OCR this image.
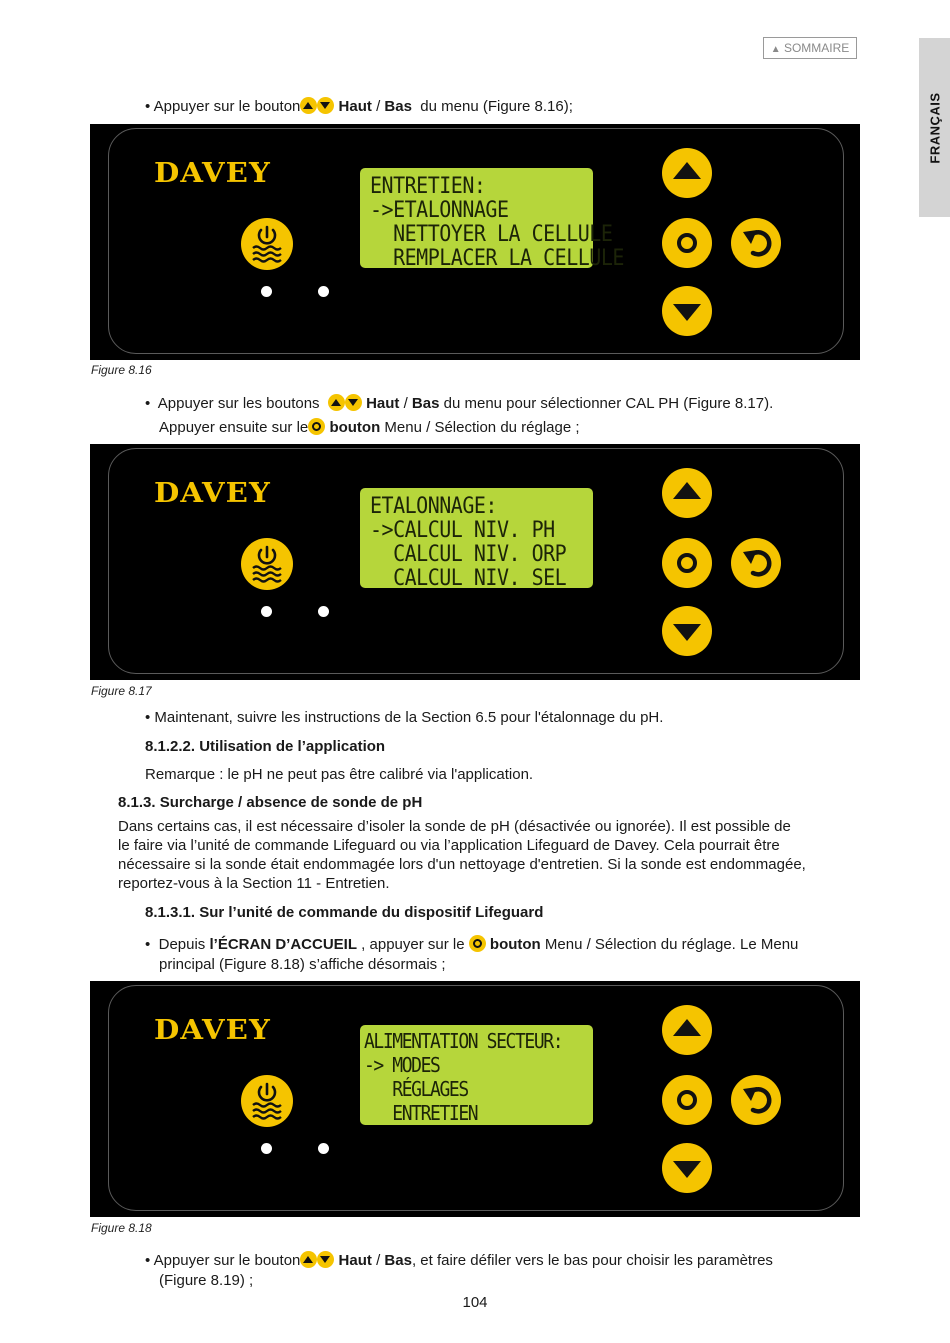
▲ SOMMAIRE
FRANÇAIS
• Appuyer sur le bouton	Haut / Bas du menu (Figure 8.16);
DAVEY	ENTRETIEN:
->ETALONNAGE
NETTOYER LA CELLULE
REMPLACER LA CELLULE
Figure 8.16
• Appuyer sur les boutons	Haut / Bas du menu pour sélectionner CAL PH (Figure 8.17).
Appuyer ensuite sur le bouton Menu / Sélection du réglage ;
DAVEY	ETALONNAGE:
->CALCUL NIV. PH
CALCUL NIV. ORP
CALCUL NIV. SEL
Figure 8.17
• Maintenant, suivre les instructions de la Section 6.5 pour l'étalonnage du pH.
8.1.2.2. Utilisation de l’application
Remarque : le pH ne peut pas être calibré via l'application.
8.1.3. Surcharge / absence de sonde de pH
Dans certains cas, il est nécessaire d’isoler la sonde de pH (désactivée ou ignorée). Il est possible de
le faire via l’unité de commande Lifeguard ou via l’application Lifeguard de Davey. Cela pourrait être
nécessaire si la sonde était endommagée lors d'un nettoyage d'entretien. Si la sonde est endommagée,
reportez-vous à la Section 11 - Entretien.
8.1.3.1. Sur l’unité de commande du dispositif Lifeguard
• Depuis l’ÉCRAN D’ACCUEIL , appuyer sur le bouton Menu / Sélection du réglage. Le Menu
principal (Figure 8.18) s’affiche désormais ;
DAVEY	ALIMENTATION SECTEUR:
-> MODES
RÉGLAGES
ENTRETIEN
Figure 8.18
• Appuyer sur le bouton	Haut / Bas, et faire défiler vers le bas pour choisir les paramètres
(Figure 8.19) ;
104
